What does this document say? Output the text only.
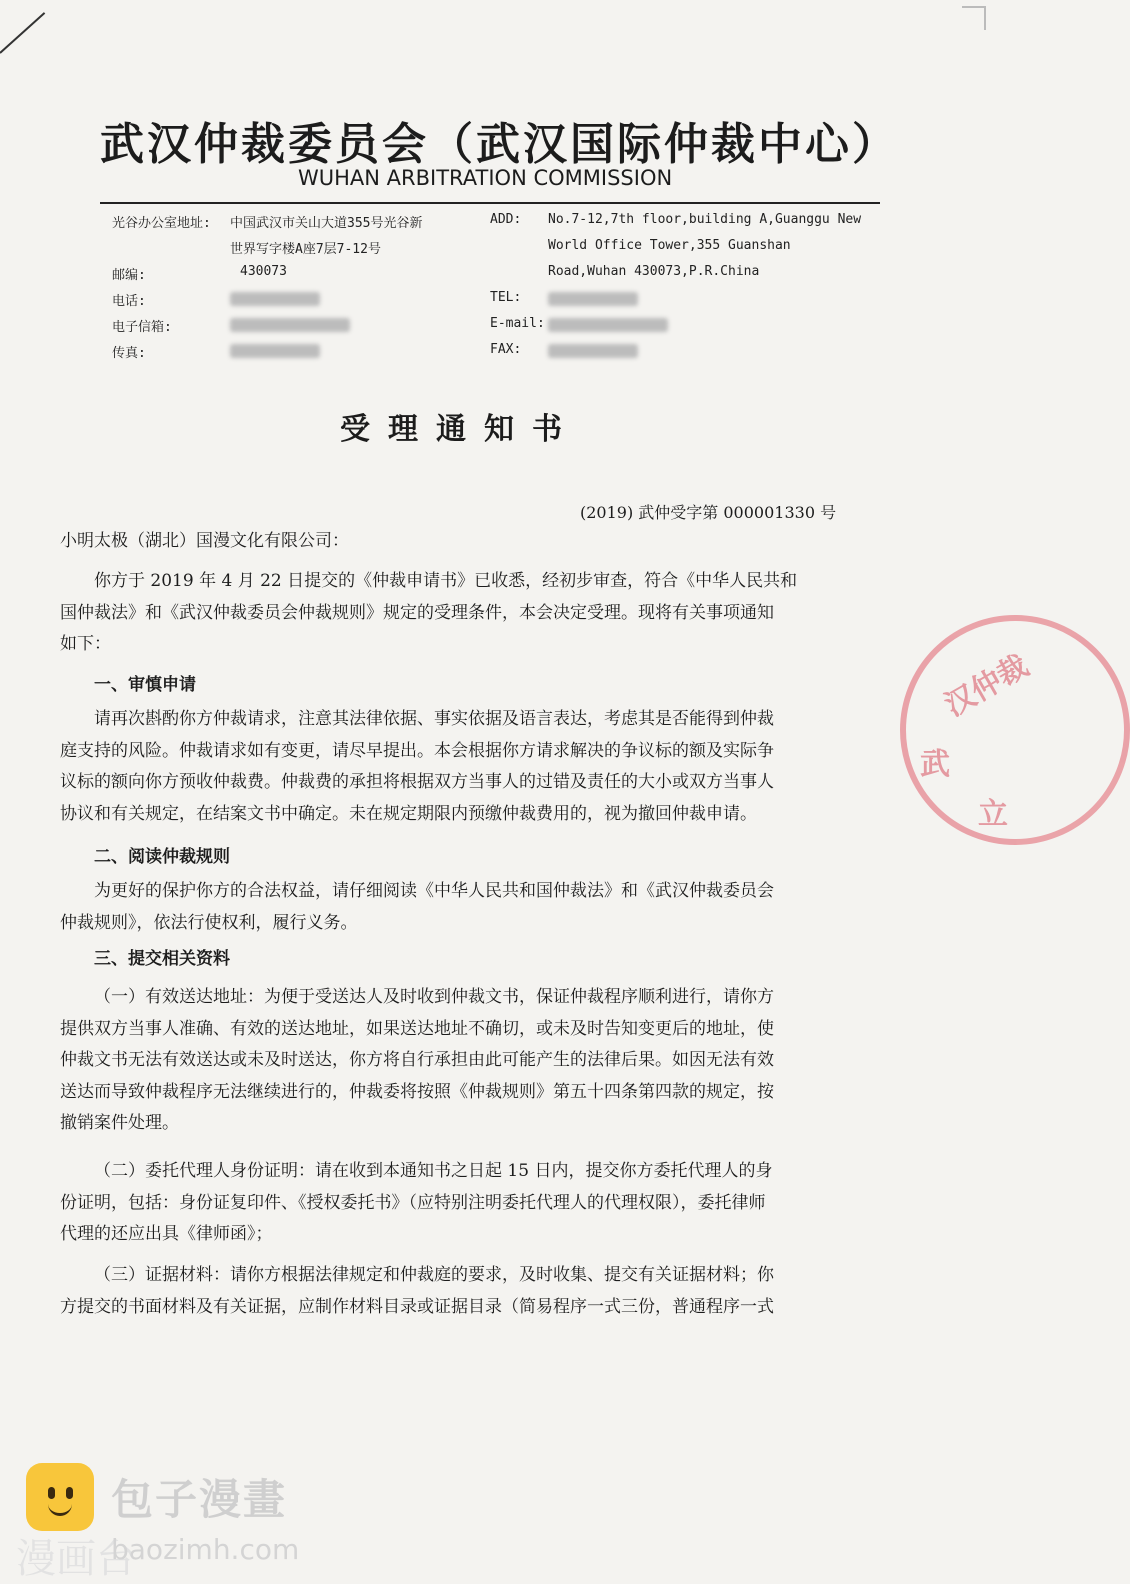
武汉仲裁委员会（武汉国际仲裁中心）
WUHAN ARBITRATION COMMISSION
光谷办公室地址: 中国武汉市关山大道355号光谷新
世界写字楼A座7层7-12号
邮编:	430073
电话:
电子信箱:
传真:
ADD: No.7-12,7th floor,building A,Guanggu New
World Office Tower,355 Guanshan
Road,Wuhan 430073,P.R.China
TEL:
E-mail:
FAX:
受理通知书
(2019) 武仲受字第 000001330 号
小明太极（湖北）国漫文化有限公司：
你方于 2019 年 4 月 22 日提交的《仲裁申请书》已收悉，经初步审查，符合《中华人民共和
国仲裁法》和《武汉仲裁委员会仲裁规则》规定的受理条件，本会决定受理。现将有关事项通知
如下：
一、审慎申请
请再次斟酌你方仲裁请求，注意其法律依据、事实依据及语言表达，考虑其是否能得到仲裁
庭支持的风险。仲裁请求如有变更，请尽早提出。本会根据你方请求解决的争议标的额及实际争
议标的额向你方预收仲裁费。仲裁费的承担将根据双方当事人的过错及责任的大小或双方当事人
协议和有关规定，在结案文书中确定。未在规定期限内预缴仲裁费用的，视为撤回仲裁申请。
二、阅读仲裁规则
为更好的保护你方的合法权益，请仔细阅读《中华人民共和国仲裁法》和《武汉仲裁委员会
仲裁规则》，依法行使权利，履行义务。
三、提交相关资料
（一）有效送达地址：为便于受送达人及时收到仲裁文书，保证仲裁程序顺利进行，请你方
提供双方当事人准确、有效的送达地址，如果送达地址不确切，或未及时告知变更后的地址，使
仲裁文书无法有效送达或未及时送达，你方将自行承担由此可能产生的法律后果。如因无法有效
送达而导致仲裁程序无法继续进行的，仲裁委将按照《仲裁规则》第五十四条第四款的规定，按
撤销案件处理。
（二）委托代理人身份证明：请在收到本通知书之日起 15 日内，提交你方委托代理人的身
份证明，包括：身份证复印件、《授权委托书》（应特别注明委托代理人的代理权限），委托律师
代理的还应出具《律师函》；
（三）证据材料：请你方根据法律规定和仲裁庭的要求，及时收集、提交有关证据材料；你
方提交的书面材料及有关证据，应制作材料目录或证据目录（简易程序一式三份，普通程序一式
汉仲裁
武
立
包子漫畫
漫画台
baozimh.com
